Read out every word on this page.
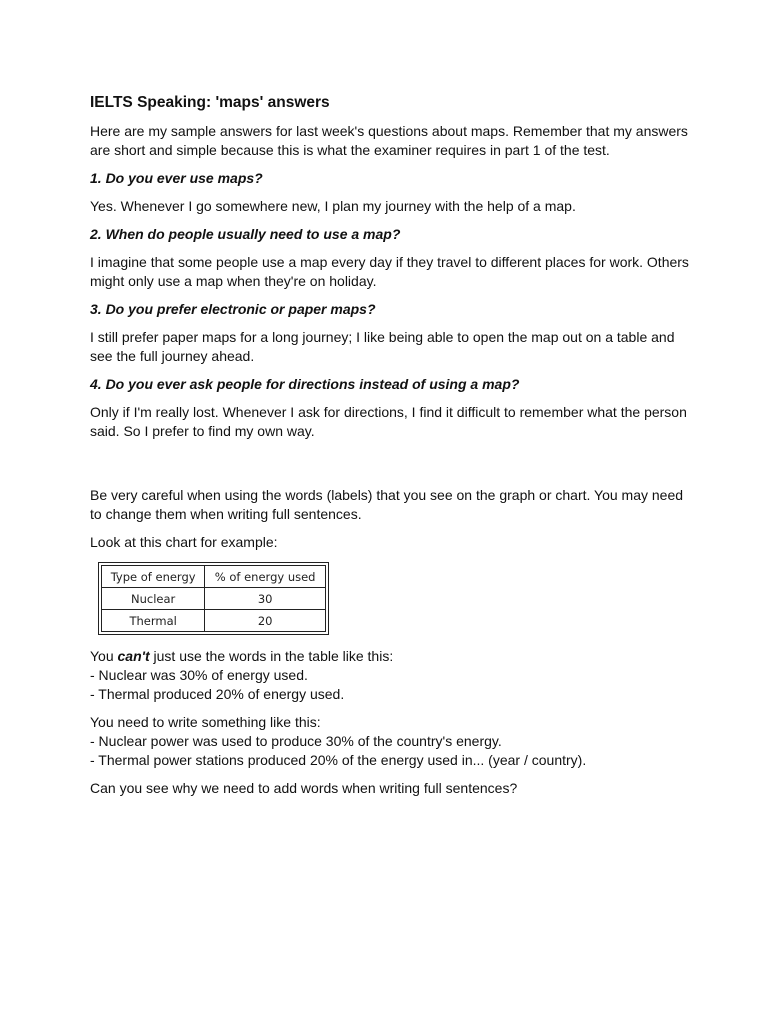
IELTS Speaking: 'maps' answers

Here are my sample answers for last week's questions about maps. Remember that my answers are short and simple because this is what the examiner requires in part 1 of the test.

1. Do you ever use maps?

Yes. Whenever I go somewhere new, I plan my journey with the help of a map.

2. When do people usually need to use a map?

I imagine that some people use a map every day if they travel to different places for work. Others might only use a map when they're on holiday.

3. Do you prefer electronic or paper maps?

I still prefer paper maps for a long journey; I like being able to open the map out on a table and see the full journey ahead.

4. Do you ever ask people for directions instead of using a map?

Only if I'm really lost. Whenever I ask for directions, I find it difficult to remember what the person said. So I prefer to find my own way.

Be very careful when using the words (labels) that you see on the graph or chart. You may need to change them when writing full sentences.

Look at this chart for example:

Type of energy	% of energy used
Nuclear	30
Thermal	20

You can't just use the words in the table like this:
- Nuclear was 30% of energy used.
- Thermal produced 20% of energy used.

You need to write something like this:
- Nuclear power was used to produce 30% of the country's energy.
- Thermal power stations produced 20% of the energy used in... (year / country).

Can you see why we need to add words when writing full sentences?
